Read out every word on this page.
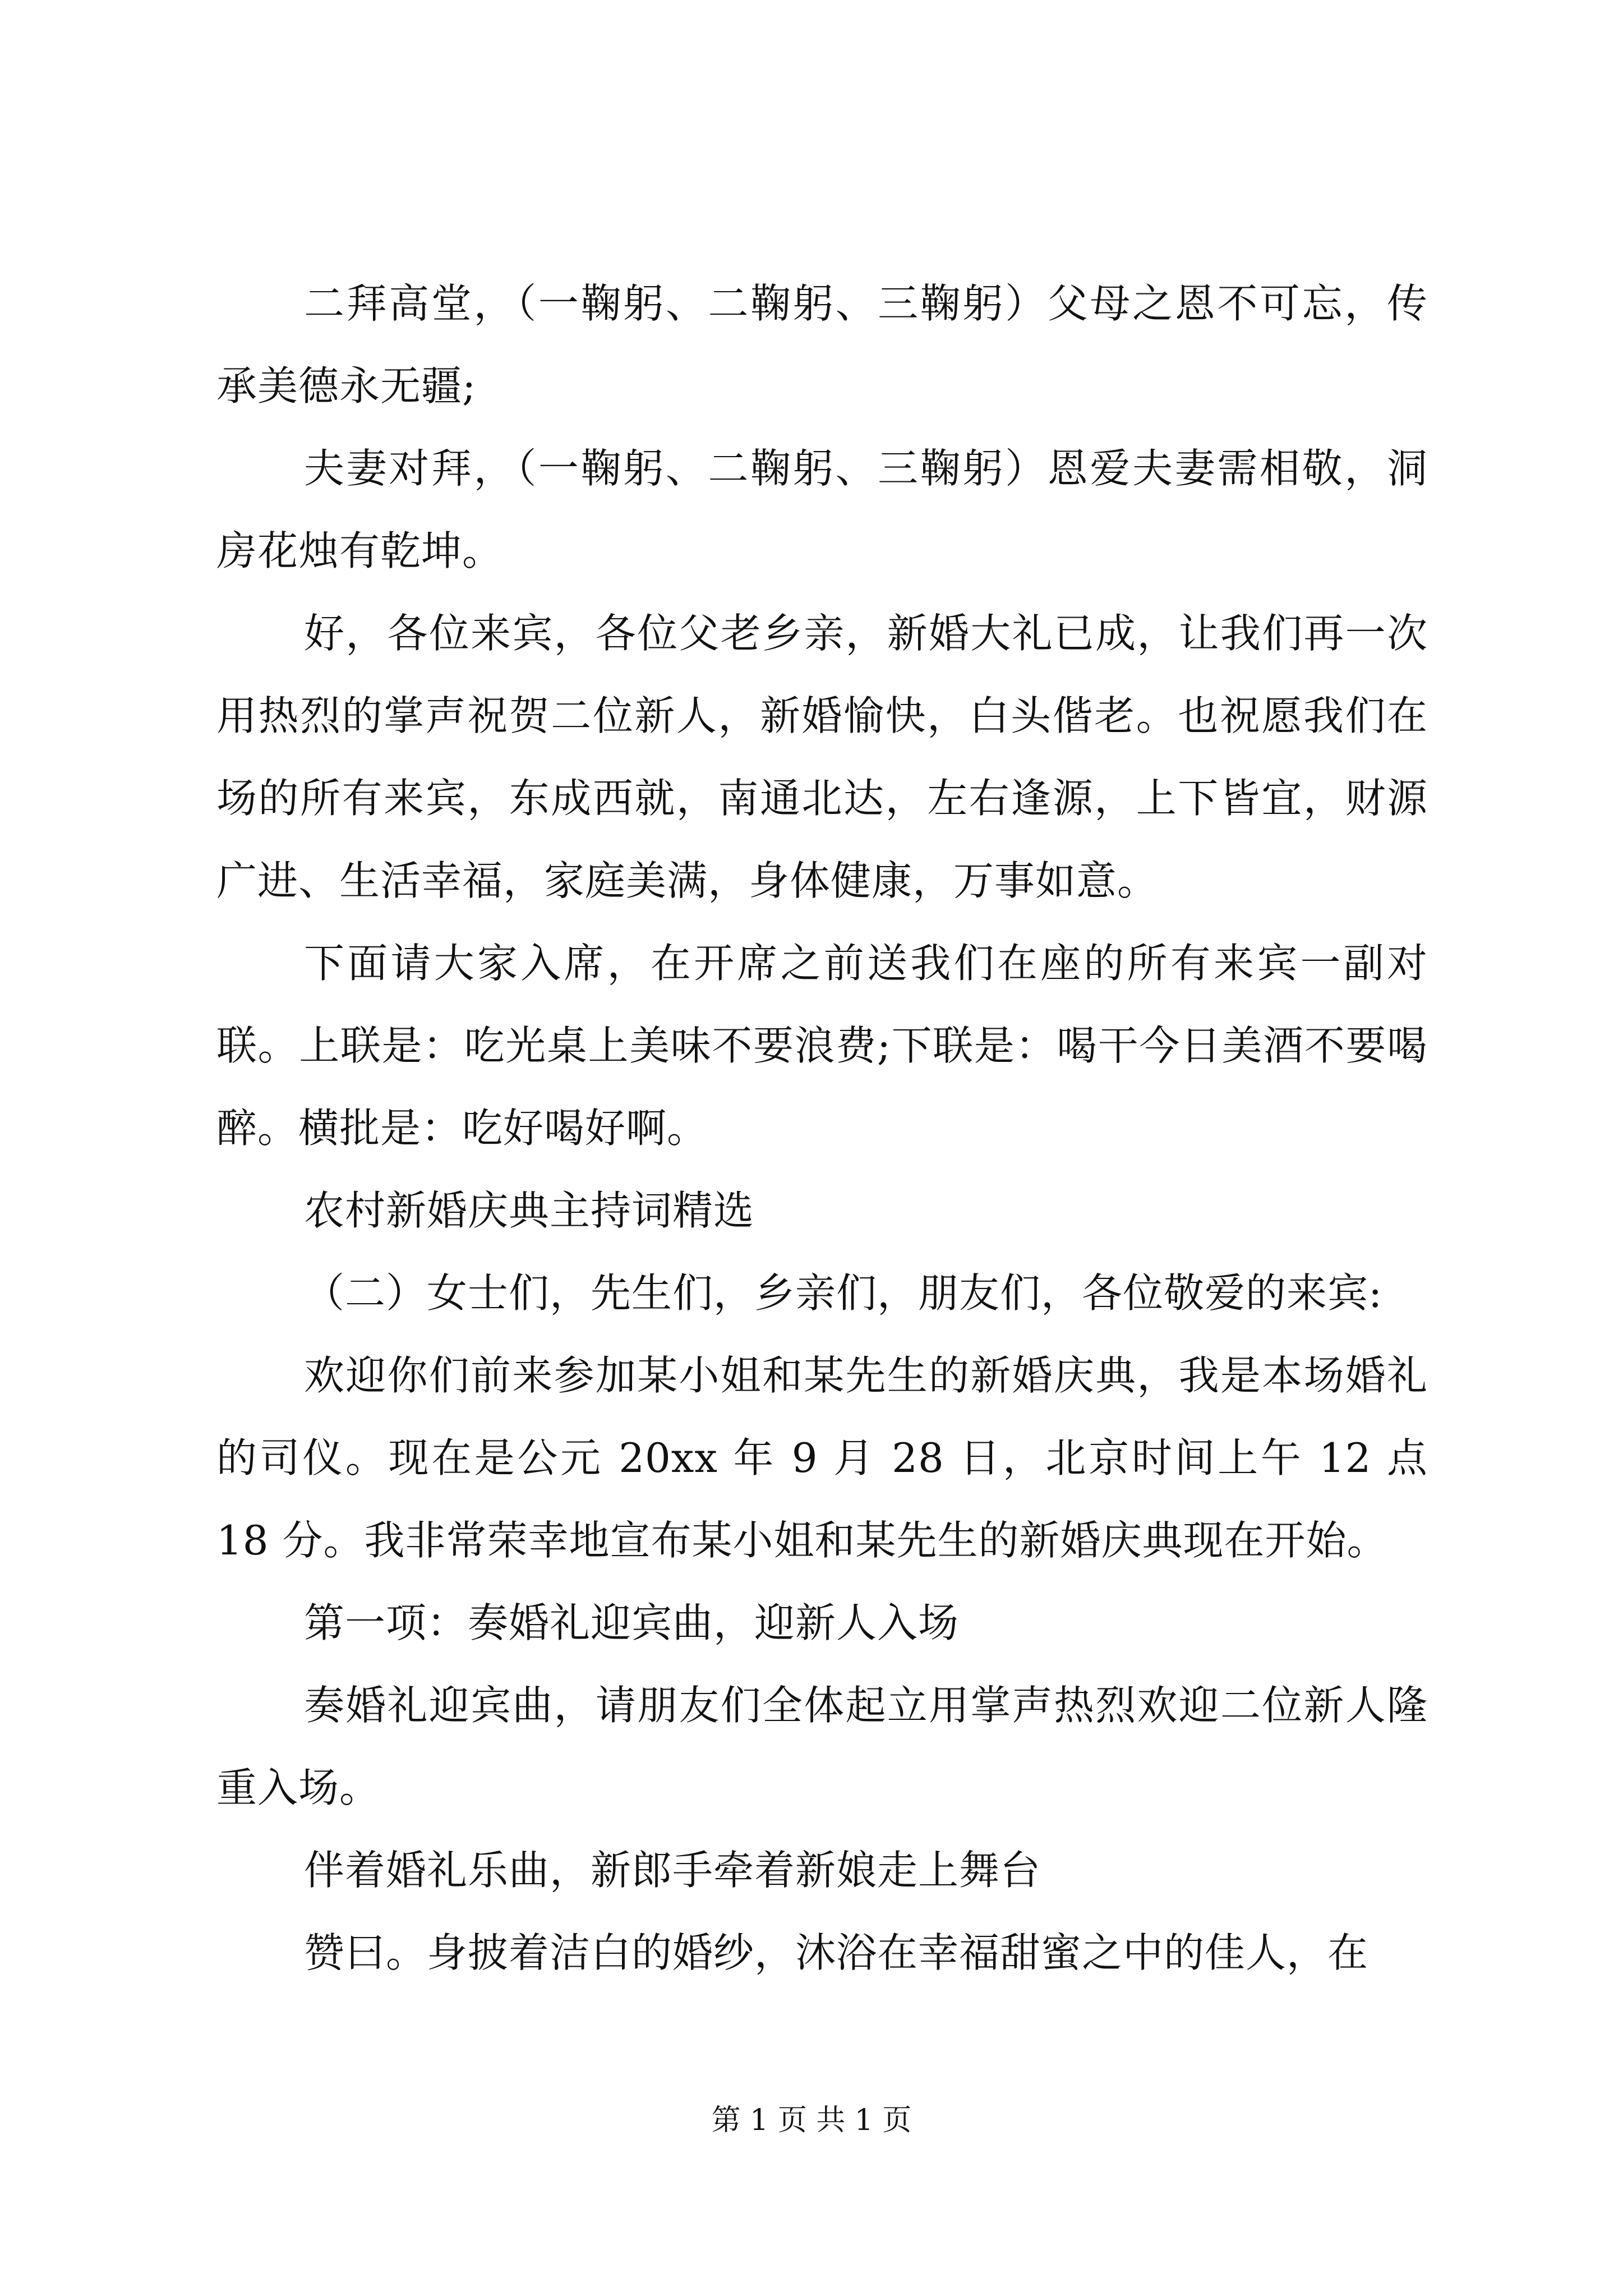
二拜高堂，（一鞠躬、二鞠躬、三鞠躬）父母之恩不可忘，传承美德永无疆;

夫妻对拜，（一鞠躬、二鞠躬、三鞠躬）恩爱夫妻需相敬，洞房花烛有乾坤。

好，各位来宾，各位父老乡亲，新婚大礼已成，让我们再一次用热烈的掌声祝贺二位新人，新婚愉快，白头偕老。也祝愿我们在场的所有来宾，东成西就，南通北达，左右逢源，上下皆宜，财源广进、生活幸福，家庭美满，身体健康，万事如意。

下面请大家入席，在开席之前送我们在座的所有来宾一副对联。上联是：吃光桌上美味不要浪费;下联是：喝干今日美酒不要喝醉。横批是：吃好喝好啊。

农村新婚庆典主持词精选

（二）女士们，先生们，乡亲们，朋友们，各位敬爱的来宾:

欢迎你们前来参加某小姐和某先生的新婚庆典，我是本场婚礼的司仪。现在是公元 20xx 年 9 月 28 日，北京时间上午 12 点 18 分。我非常荣幸地宣布某小姐和某先生的新婚庆典现在开始。

第一项：奏婚礼迎宾曲，迎新人入场

奏婚礼迎宾曲，请朋友们全体起立用掌声热烈欢迎二位新人隆重入场。

伴着婚礼乐曲，新郎手牵着新娘走上舞台

赞曰。身披着洁白的婚纱，沐浴在幸福甜蜜之中的佳人，在

第 1 页 共 1 页
